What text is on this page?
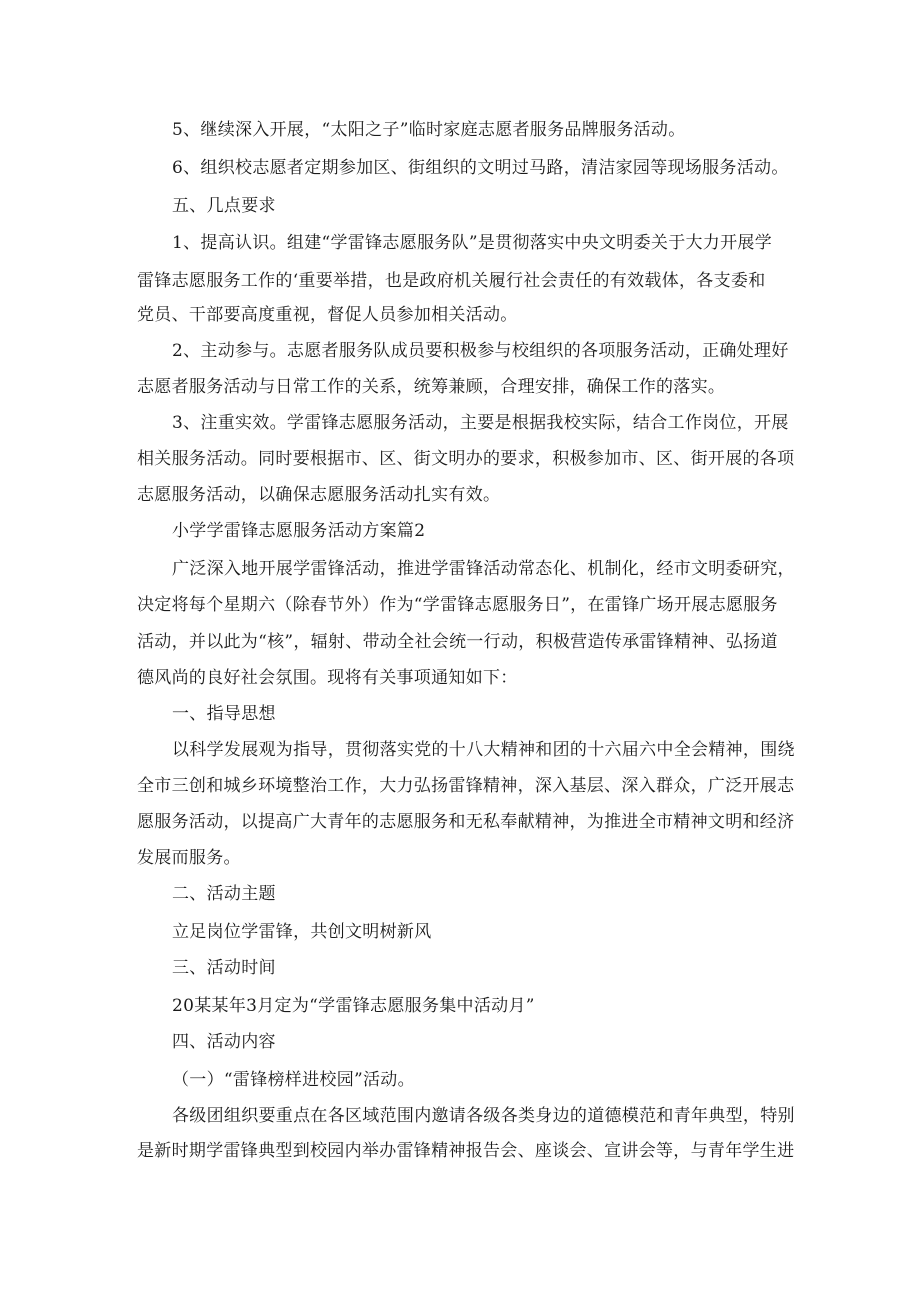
5、继续深入开展，“太阳之子”临时家庭志愿者服务品牌服务活动。
6、组织校志愿者定期参加区、街组织的文明过马路，清洁家园等现场服务活动。
五、几点要求
1、提高认识。组建“学雷锋志愿服务队”是贯彻落实中央文明委关于大力开展学
雷锋志愿服务工作的‘重要举措，也是政府机关履行社会责任的有效载体，各支委和
党员、干部要高度重视，督促人员参加相关活动。
2、主动参与。志愿者服务队成员要积极参与校组织的各项服务活动，正确处理好
志愿者服务活动与日常工作的关系，统筹兼顾，合理安排，确保工作的落实。
3、注重实效。学雷锋志愿服务活动，主要是根据我校实际，结合工作岗位，开展
相关服务活动。同时要根据市、区、街文明办的要求，积极参加市、区、街开展的各项
志愿服务活动，以确保志愿服务活动扎实有效。
小学学雷锋志愿服务活动方案篇2
广泛深入地开展学雷锋活动，推进学雷锋活动常态化、机制化，经市文明委研究，
决定将每个星期六（除春节外）作为“学雷锋志愿服务日”，在雷锋广场开展志愿服务
活动，并以此为“核”，辐射、带动全社会统一行动，积极营造传承雷锋精神、弘扬道
德风尚的良好社会氛围。现将有关事项通知如下：
一、指导思想
以科学发展观为指导，贯彻落实党的十八大精神和团的十六届六中全会精神，围绕
全市三创和城乡环境整治工作，大力弘扬雷锋精神，深入基层、深入群众，广泛开展志
愿服务活动，以提高广大青年的志愿服务和无私奉献精神，为推进全市精神文明和经济
发展而服务。
二、活动主题
立足岗位学雷锋，共创文明树新风
三、活动时间
20某某年3月定为“学雷锋志愿服务集中活动月”
四、活动内容
（一）“雷锋榜样进校园”活动。
各级团组织要重点在各区域范围内邀请各级各类身边的道德模范和青年典型，特别
是新时期学雷锋典型到校园内举办雷锋精神报告会、座谈会、宣讲会等，与青年学生进
